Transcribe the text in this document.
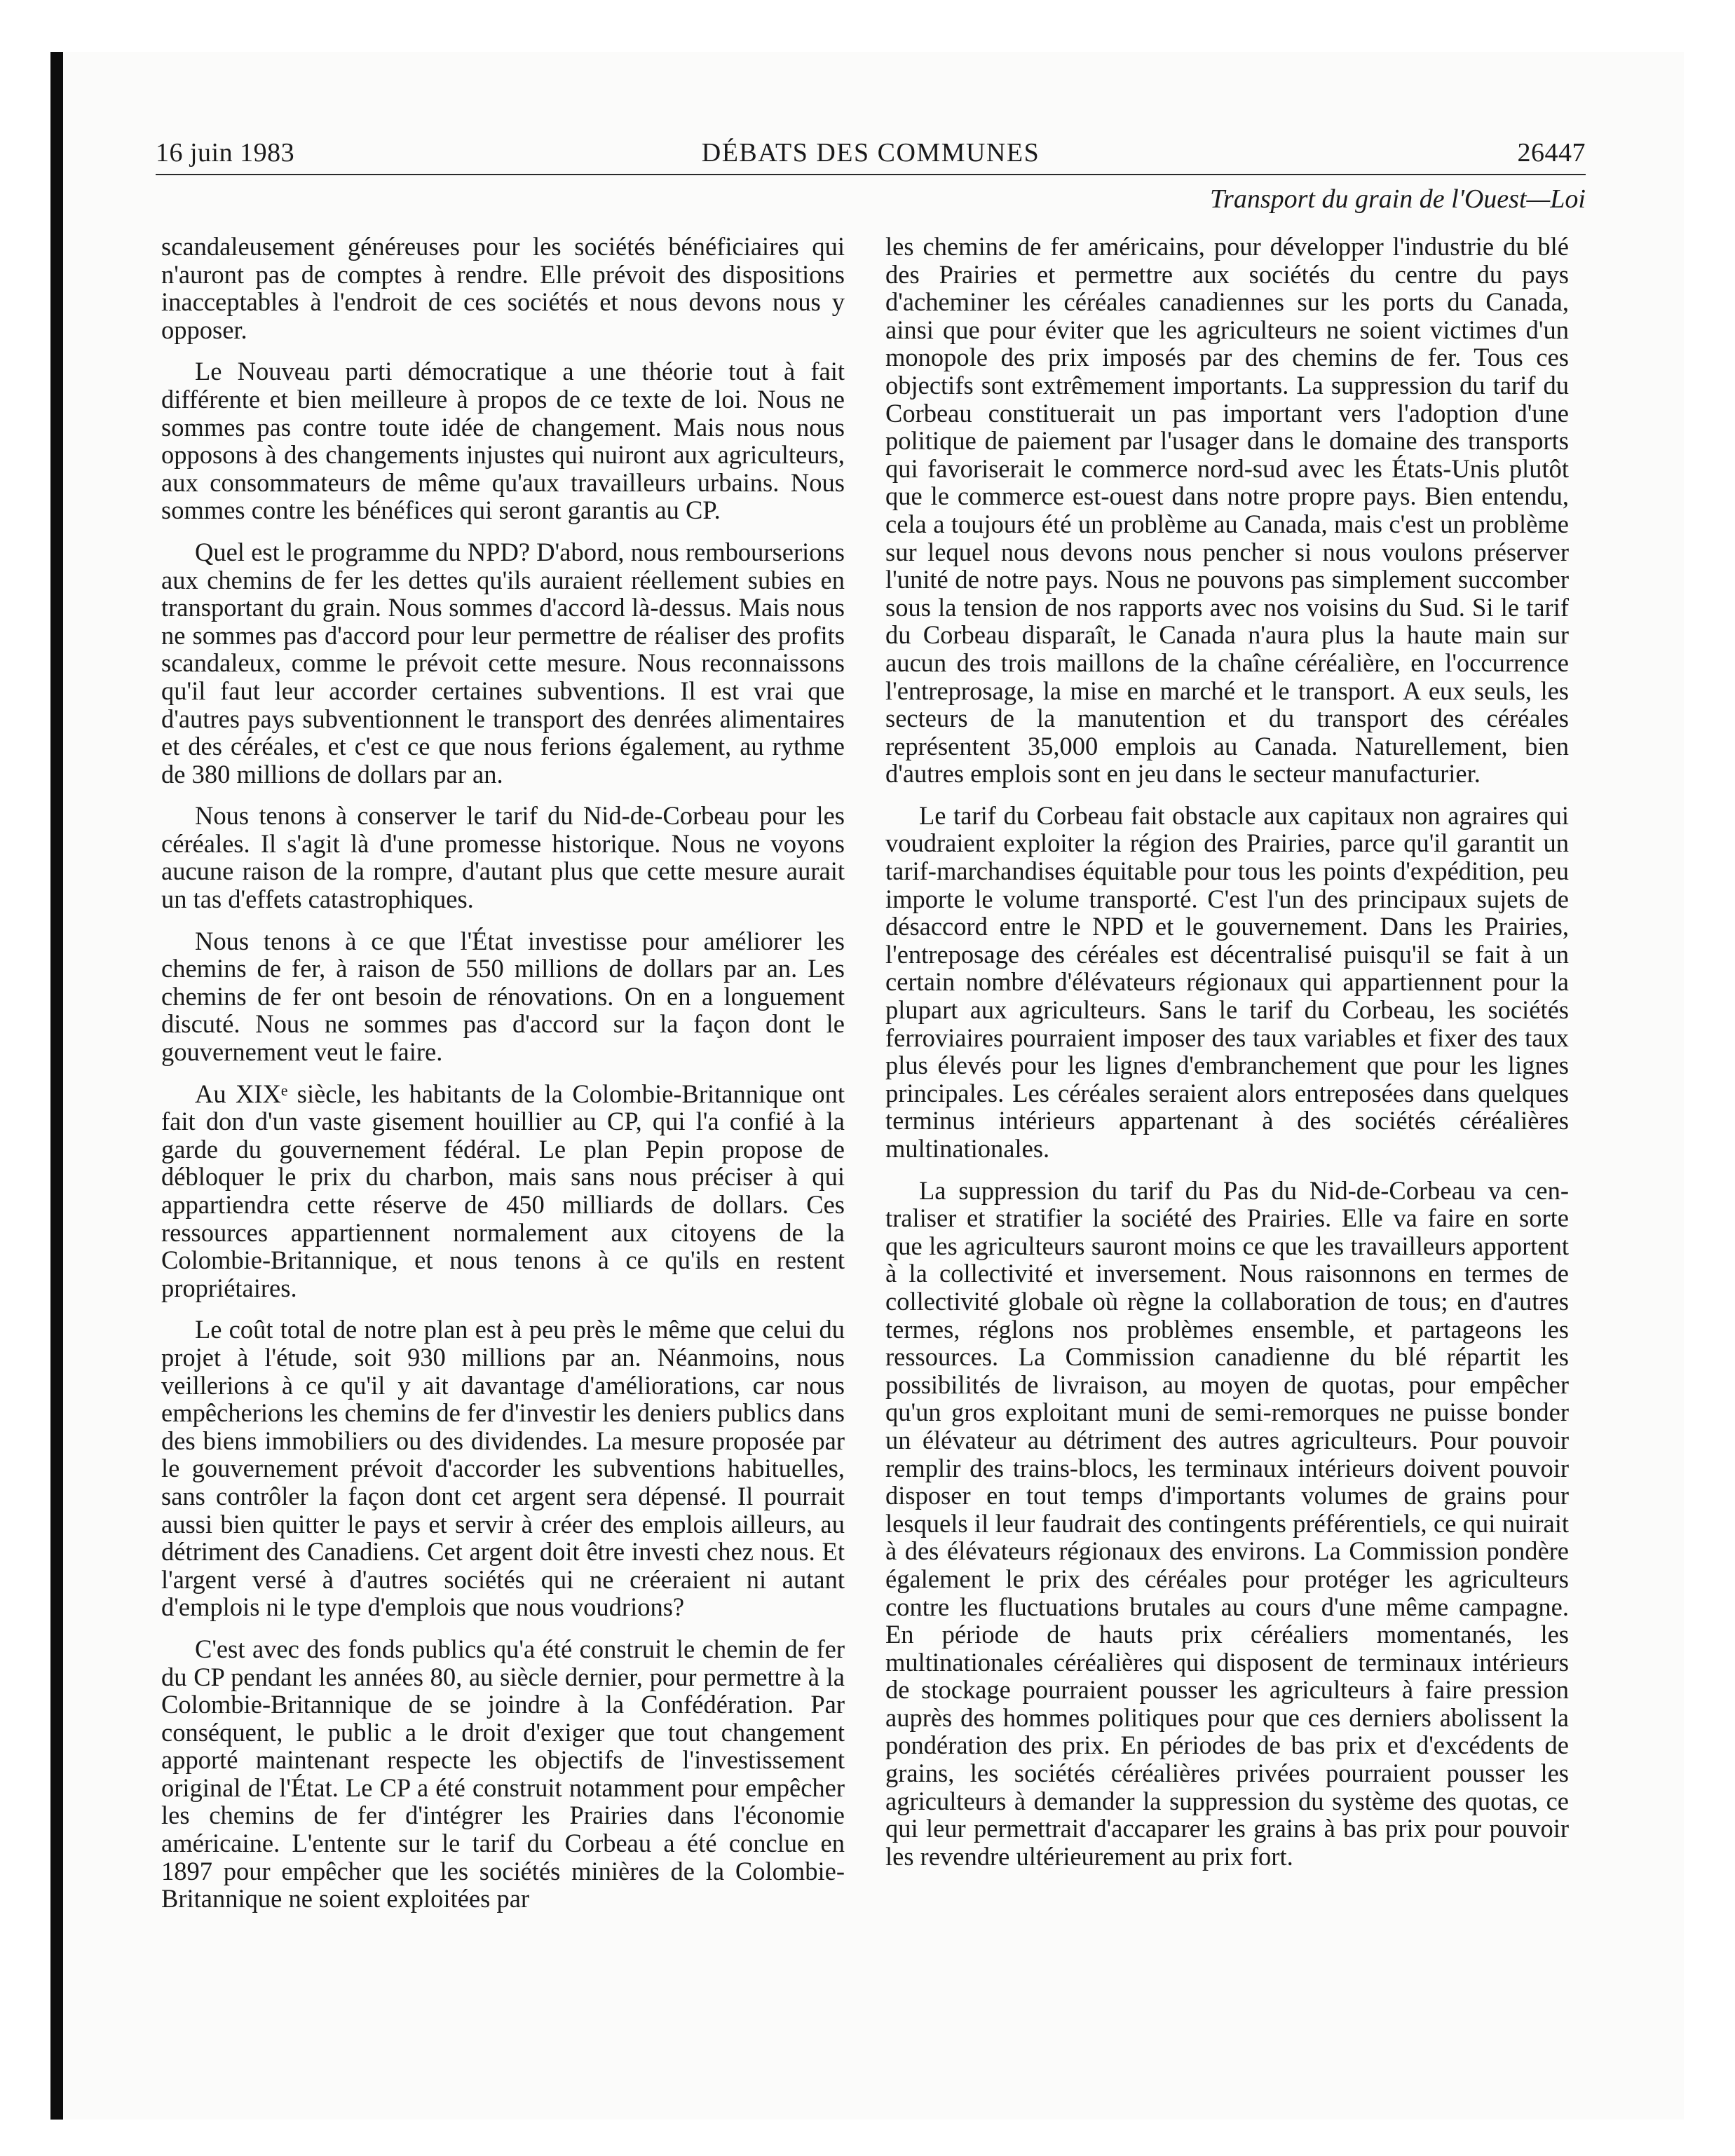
16 juin 1983	DÉBATS DES COMMUNES	26447
Transport du grain de l'Ouest—Loi

scandaleusement généreuses pour les sociétés bénéficiaires qui n'auront pas de comptes à rendre. Elle prévoit des dispositions inacceptables à l'endroit de ces sociétés et nous devons nous y opposer.

Le Nouveau parti démocratique a une théorie tout à fait différente et bien meilleure à propos de ce texte de loi. Nous ne sommes pas contre toute idée de changement. Mais nous nous opposons à des changements injustes qui nuiront aux agriculteurs, aux consommateurs de même qu'aux travailleurs urbains. Nous sommes contre les bénéfices qui seront garantis au CP.

Quel est le programme du NPD? D'abord, nous rembourserions aux chemins de fer les dettes qu'ils auraient réellement subies en transportant du grain. Nous sommes d'accord là-dessus. Mais nous ne sommes pas d'accord pour leur permettre de réaliser des profits scandaleux, comme le prévoit cette mesure. Nous reconnaissons qu'il faut leur accorder certaines subventions. Il est vrai que d'autres pays subventionnent le transport des denrées alimentaires et des céréales, et c'est ce que nous ferions également, au rythme de 380 millions de dollars par an.

Nous tenons à conserver le tarif du Nid-de-Corbeau pour les céréales. Il s'agit là d'une promesse historique. Nous ne voyons aucune raison de la rompre, d'autant plus que cette mesure aurait un tas d'effets catastrophiques.

Nous tenons à ce que l'État investisse pour améliorer les chemins de fer, à raison de 550 millions de dollars par an. Les chemins de fer ont besoin de rénovations. On en a longuement discuté. Nous ne sommes pas d'accord sur la façon dont le gouvernement veut le faire.

Au XIXᵉ siècle, les habitants de la Colombie-Britannique ont fait don d'un vaste gisement houillier au CP, qui l'a confié à la garde du gouvernement fédéral. Le plan Pepin propose de débloquer le prix du charbon, mais sans nous préciser à qui appartiendra cette réserve de 450 milliards de dollars. Ces ressources appartiennent normalement aux citoyens de la Colombie-Britannique, et nous tenons à ce qu'ils en restent propriétaires.

Le coût total de notre plan est à peu près le même que celui du projet à l'étude, soit 930 millions par an. Néanmoins, nous veillerions à ce qu'il y ait davantage d'améliorations, car nous empêcherions les chemins de fer d'investir les deniers publics dans des biens immobiliers ou des dividendes. La mesure proposée par le gouvernement prévoit d'accorder les subventions habituelles, sans contrôler la façon dont cet argent sera dépensé. Il pourrait aussi bien quitter le pays et servir à créer des emplois ailleurs, au détriment des Canadiens. Cet argent doit être investi chez nous. Et l'argent versé à d'autres sociétés qui ne créeraient ni autant d'emplois ni le type d'emplois que nous voudrions?

C'est avec des fonds publics qu'a été construit le chemin de fer du CP pendant les années 80, au siècle dernier, pour permettre à la Colombie-Britannique de se joindre à la Confédération. Par conséquent, le public a le droit d'exiger que tout changement apporté maintenant respecte les objectifs de l'investissement original de l'État. Le CP a été construit notamment pour empêcher les chemins de fer d'intégrer les Prairies dans l'économie américaine. L'entente sur le tarif du Corbeau a été conclue en 1897 pour empêcher que les sociétés minières de la Colombie-Britannique ne soient exploitées par

les chemins de fer américains, pour développer l'industrie du blé des Prairies et permettre aux sociétés du centre du pays d'acheminer les céréales canadiennes sur les ports du Canada, ainsi que pour éviter que les agriculteurs ne soient victimes d'un monopole des prix imposés par des chemins de fer. Tous ces objectifs sont extrêmement importants. La suppression du tarif du Corbeau constituerait un pas important vers l'adoption d'une politique de paiement par l'usager dans le domaine des transports qui favoriserait le commerce nord-sud avec les États-Unis plutôt que le commerce est-ouest dans notre propre pays. Bien entendu, cela a toujours été un problème au Canada, mais c'est un problème sur lequel nous devons nous pencher si nous voulons préserver l'unité de notre pays. Nous ne pouvons pas simplement succomber sous la tension de nos rapports avec nos voisins du Sud. Si le tarif du Corbeau disparaît, le Canada n'aura plus la haute main sur aucun des trois maillons de la chaîne céréalière, en l'occurrence l'entreprosage, la mise en marché et le transport. A eux seuls, les secteurs de la manutention et du transport des céréales représentent 35,000 emplois au Canada. Naturellement, bien d'autres emplois sont en jeu dans le secteur manufacturier.

Le tarif du Corbeau fait obstacle aux capitaux non agraires qui voudraient exploiter la région des Prairies, parce qu'il garantit un tarif-marchandises équitable pour tous les points d'expédition, peu importe le volume transporté. C'est l'un des principaux sujets de désaccord entre le NPD et le gouvernement. Dans les Prairies, l'entreposage des céréales est décentralisé puisqu'il se fait à un certain nombre d'élévateurs régionaux qui appartiennent pour la plupart aux agriculteurs. Sans le tarif du Corbeau, les sociétés ferroviaires pourraient imposer des taux variables et fixer des taux plus élevés pour les lignes d'embranchement que pour les lignes principales. Les céréales seraient alors entreposées dans quelques terminus intérieurs appartenant à des sociétés céréalières multinationales.

La suppression du tarif du Pas du Nid-de-Corbeau va centraliser et stratifier la société des Prairies. Elle va faire en sorte que les agriculteurs sauront moins ce que les travailleurs apportent à la collectivité et inversement. Nous raisonnons en termes de collectivité globale où règne la collaboration de tous; en d'autres termes, réglons nos problèmes ensemble, et partageons les ressources. La Commission canadienne du blé répartit les possibilités de livraison, au moyen de quotas, pour empêcher qu'un gros exploitant muni de semi-remorques ne puisse bonder un élévateur au détriment des autres agriculteurs. Pour pouvoir remplir des trains-blocs, les terminaux intérieurs doivent pouvoir disposer en tout temps d'importants volumes de grains pour lesquels il leur faudrait des contingents préférentiels, ce qui nuirait à des élévateurs régionaux des environs. La Commission pondère également le prix des céréales pour protéger les agriculteurs contre les fluctuations brutales au cours d'une même campagne. En période de hauts prix céréaliers momentanés, les multinationales céréalières qui disposent de terminaux intérieurs de stockage pourraient pousser les agriculteurs à faire pression auprès des hommes politiques pour que ces derniers abolissent la pondération des prix. En périodes de bas prix et d'excédents de grains, les sociétés céréalières privées pourraient pousser les agriculteurs à demander la suppression du système des quotas, ce qui leur permettrait d'accaparer les grains à bas prix pour pouvoir les revendre ultérieurement au prix fort.
